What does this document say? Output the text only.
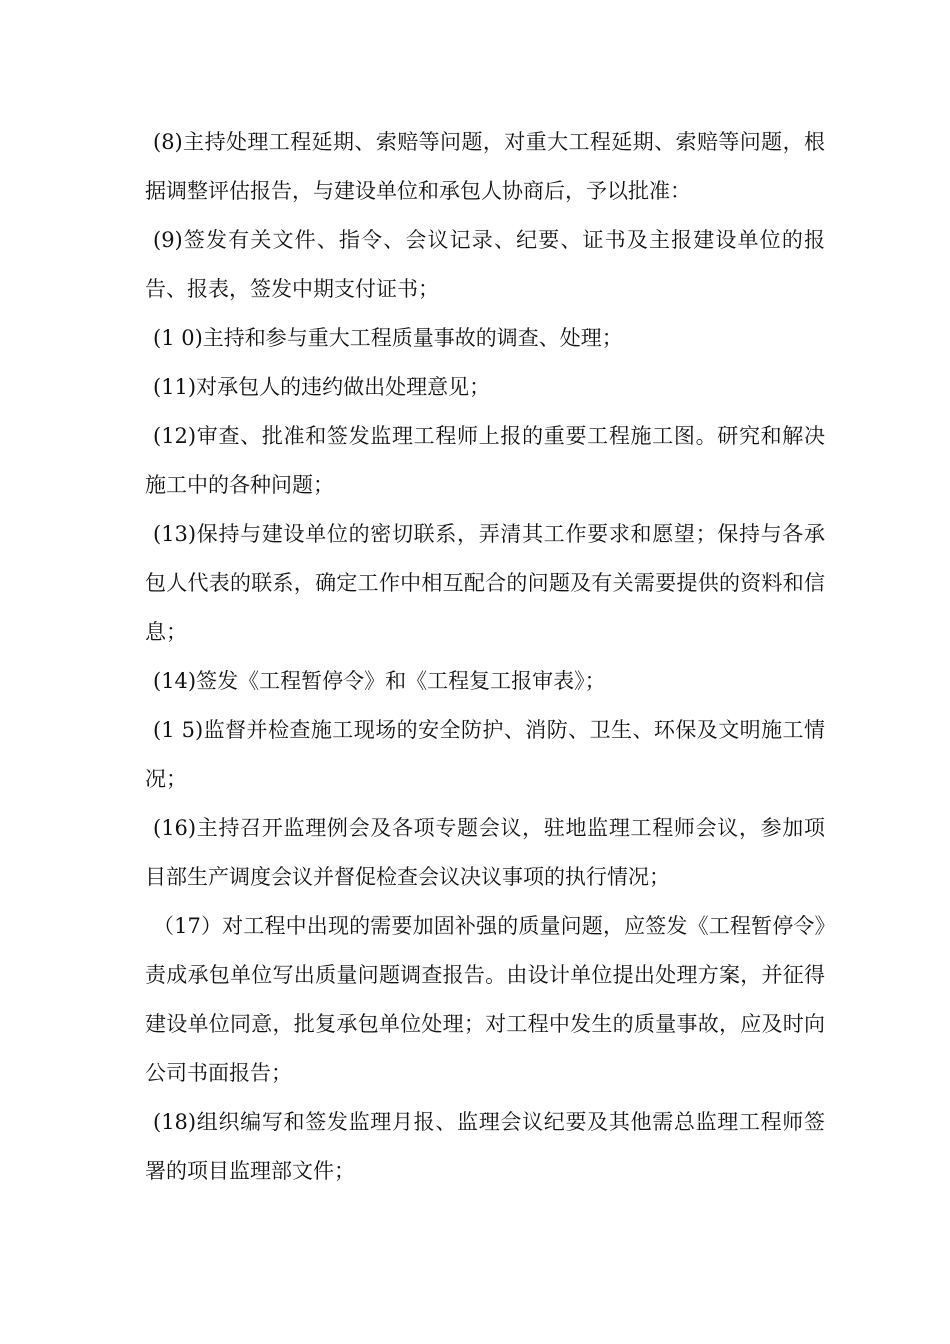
(8)主持处理工程延期、索赔等问题，对重大工程延期、索赔等问题，根据调整评估报告，与建设单位和承包人协商后，予以批准：

(9)签发有关文件、指令、会议记录、纪要、证书及主报建设单位的报告、报表，签发中期支付证书；

(1 0)主持和参与重大工程质量事故的调查、处理；

(11)对承包人的违约做出处理意见；

(12)审查、批准和签发监理工程师上报的重要工程施工图。研究和解决施工中的各种问题；

(13)保持与建设单位的密切联系，弄清其工作要求和愿望；保持与各承包人代表的联系，确定工作中相互配合的问题及有关需要提供的资料和信息；

(14)签发《工程暂停令》和《工程复工报审表》；

(1 5)监督并检查施工现场的安全防护、消防、卫生、环保及文明施工情况；

(16)主持召开监理例会及各项专题会议，驻地监理工程师会议，参加项目部生产调度会议并督促检查会议决议事项的执行情况；

（17）对工程中出现的需要加固补强的质量问题，应签发《工程暂停令》责成承包单位写出质量问题调查报告。由设计单位提出处理方案，并征得建设单位同意，批复承包单位处理；对工程中发生的质量事故，应及时向公司书面报告；

(18)组织编写和签发监理月报、监理会议纪要及其他需总监理工程师签署的项目监理部文件；
